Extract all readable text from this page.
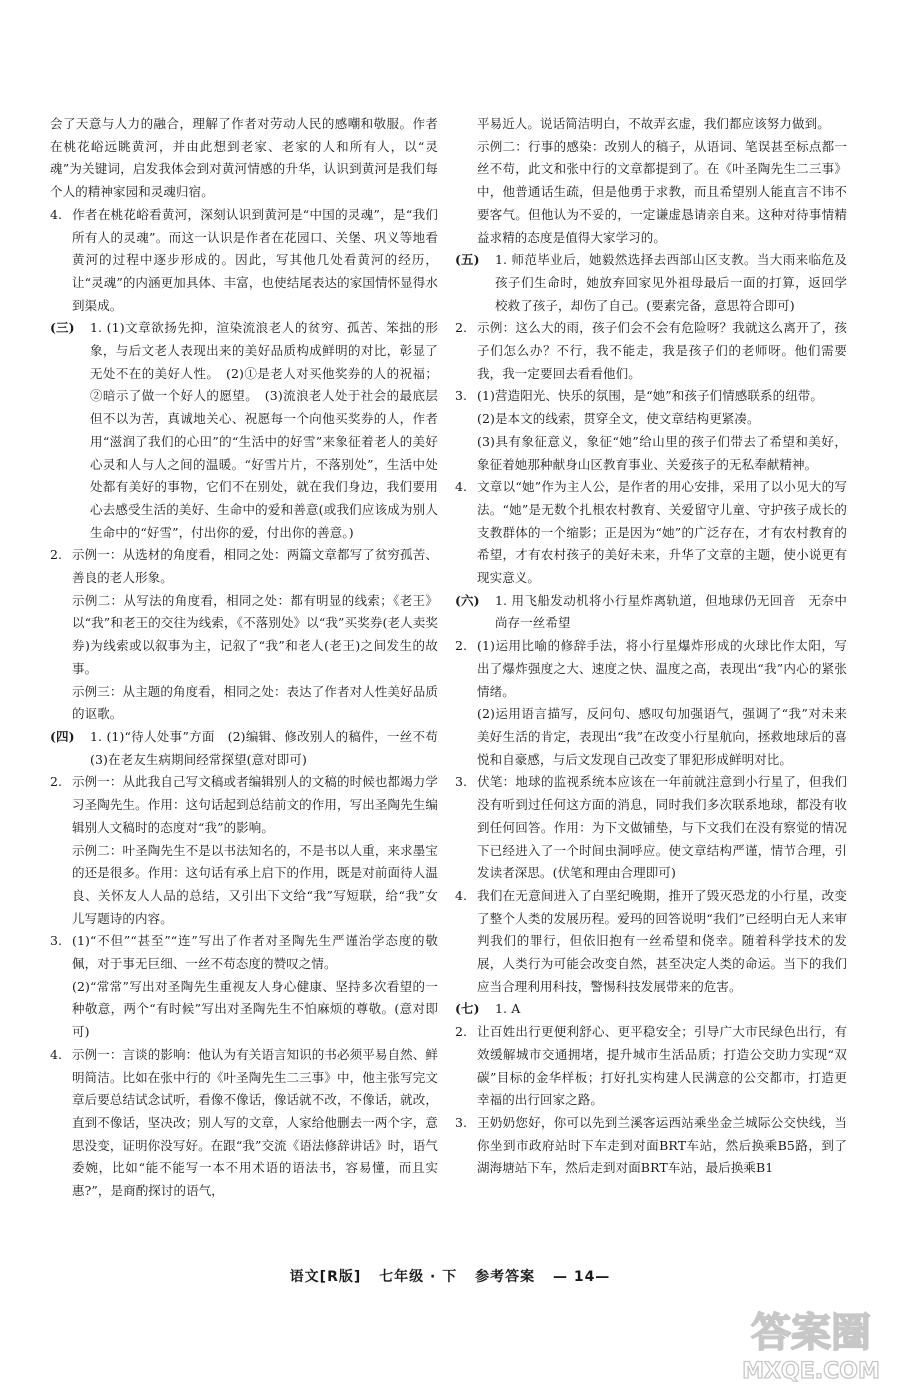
会了天意与人力的融合，理解了作者对劳动人民的感嘲和敬服。作者在桃花峪远眺黄河，并由此想到老家、老家的人和所有人，以“灵魂”为关键词，启发我体会到对黄河情感的升华，认识到黄河是我们每个人的精神家园和灵魂归宿。

4. 作者在桃花峪看黄河，深刻认识到黄河是“中国的灵魂”，是“我们所有人的灵魂”。而这一认识是作者在花园口、关堡、巩义等地看黄河的过程中逐步形成的。因此，写其他几处看黄河的经历，让“灵魂”的内涵更加具体、丰富，也使结尾表达的家国情怀显得水到渠成。

(三) 1. (1)文章欲扬先抑，渲染流浪老人的贫穷、孤苦、笨拙的形象，与后文老人表现出来的美好品质构成鲜明的对比，彰显了无处不在的美好人性。　(2)①是老人对买他奖券的人的祝福；②暗示了做一个好人的愿望。　(3)流浪老人处于社会的最底层但不以为苦，真诚地关心、祝愿每一个向他买奖券的人，作者用“滋润了我们的心田”的“生活中的好雪”来象征着老人的美好心灵和人与人之间的温暖。“好雪片片，不落别处”，生活中处处都有美好的事物，它们不在别处，就在我们身边，我们要用心去感受生活的美好、生命中的爱和善意(或我们应该成为别人生命中的“好雪”，付出你的爱，付出你的善意。)

2. 示例一：从选材的角度看，相同之处：两篇文章都写了贫穷孤苦、善良的老人形象。

示例二：从写法的角度看，相同之处：都有明显的线索；《老王》以“我”和老王的交往为线索，《不落别处》以“我”买奖券(老人卖奖券)为线索或以叙事为主，记叙了“我”和老人(老王)之间发生的故事。

示例三：从主题的角度看，相同之处：表达了作者对人性美好品质的讴歌。

(四) 1. (1)“待人处事”方面　(2)编辑、修改别人的稿件，一丝不苟　(3)在老友生病期间经常探望(意对即可)

2. 示例一：从此我自己写文稿或者编辑别人的文稿的时候也都竭力学习圣陶先生。作用：这句话起到总结前文的作用，写出圣陶先生编辑别人文稿时的态度对“我”的影响。

示例二：叶圣陶先生不是以书法知名的，不是书以人重，来求墨宝的还是很多。作用：这句话有承上启下的作用，既是对前面待人温良、关怀友人人品的总结，又引出下文给“我”写短联，给“我”女儿写题诗的内容。

3. (1)“不但”“甚至”“连”写出了作者对圣陶先生严谨治学态度的敬佩，对于事无巨细、一丝不苟态度的赞叹之情。

(2)“常常”写出对圣陶先生重视友人身心健康、坚持多次看望的一种敬意，两个“有时候”写出对圣陶先生不怕麻烦的尊敬。(意对即可)

4. 示例一：言谈的影响：他认为有关语言知识的书必须平易自然、鲜明简洁。比如在张中行的《叶圣陶先生二三事》中，他主张写完文章后要总结试念试听，看像不像话，像话就不改，不像话，就改，直到不像话，坚决改；别人写的文章，人家给他删去一两个字，意思没变，证明你没写好。在跟“我”交流《语法修辞讲话》时，语气委婉，比如“能不能写一本不用术语的语法书，容易懂，而且实惠?”，是商酌探讨的语气，

平易近人。说话简洁明白，不故弄玄虚，我们都应该努力做到。

示例二：行事的感染：改别人的稿子，从语词、笔误甚至标点都一丝不苟，此文和张中行的文章都提到了。在《叶圣陶先生二三事》中，他普通话生疏，但是他勇于求教，而且希望别人能直言不讳不要客气。但他认为不妥的，一定谦虚恳请亲自来。这种对待事情精益求精的态度是值得大家学习的。

(五) 1. 师范毕业后，她毅然选择去西部山区支教。当大雨来临危及孩子们生命时，她放弃回家见外祖母最后一面的打算，返回学校救了孩子，却伤了自己。(要素完备，意思符合即可)

2. 示例：这么大的雨，孩子们会不会有危险呀？我就这么离开了，孩子们怎么办？不行，我不能走，我是孩子们的老师呀。他们需要我，我一定要回去看看他们。

3. (1)营造阳光、快乐的氛围，是“她”和孩子们情感联系的纽带。

(2)是本文的线索，贯穿全文，使文章结构更紧凑。

(3)具有象征意义，象征“她”给山里的孩子们带去了希望和美好，象征着她那种献身山区教育事业、关爱孩子的无私奉献精神。

4. 文章以“她”作为主人公，是作者的用心安排，采用了以小见大的写法。“她”是无数个扎根农村教育、关爱留守儿童、守护孩子成长的支教群体的一个缩影；正是因为“她”的广泛存在，才有农村教育的希望，才有农村孩子的美好未来，升华了文章的主题，使小说更有现实意义。

(六) 1. 用飞船发动机将小行星炸离轨道，但地球仍无回音　无奈中尚存一丝希望

2. (1)运用比喻的修辞手法，将小行星爆炸形成的火球比作太阳，写出了爆炸强度之大、速度之快、温度之高，表现出“我”内心的紧张情绪。

(2)运用语言描写，反问句、感叹句加强语气，强调了“我”对未来美好生活的肯定，表现出“我”在改变小行星航向，拯救地球后的喜悦和自豪感，与后文发现自己改变了罪犯形成鲜明对比。

3. 伏笔：地球的监视系统本应该在一年前就注意到小行星了，但我们没有听到过任何这方面的消息，同时我们多次联系地球，都没有收到任何回答。作用：为下文做铺垫，与下文我们在没有察觉的情况下已经进入了一个时间虫洞呼应。使文章结构严谨，情节合理，引发读者深思。(伏笔和理由合理即可)

4. 我们在无意间进入了白垩纪晚期，推开了毁灭恐龙的小行星，改变了整个人类的发展历程。爱玛的回答说明“我们”已经明白无人来审判我们的罪行，但依旧抱有一丝希望和侥幸。随着科学技术的发展，人类行为可能会改变自然，甚至决定人类的命运。当下的我们应当合理利用科技，警惕科技发展带来的危害。

(七) 1. A

2. 让百姓出行更便利舒心、更平稳安全；引导广大市民绿色出行，有效缓解城市交通拥堵，提升城市生活品质；打造公交助力实现“双碳”目标的金华样板；打好扎实构建人民满意的公交都市，打造更幸福的出行回家之路。

3. 王奶奶您好，你可以先到兰溪客运西站乘坐金兰城际公交快线，当你坐到市政府站时下车走到对面BRT车站，然后换乘B5路，到了湖海塘站下车，然后走到对面BRT车站，最后换乘B1

语文[R版] 七年级 · 下 参考答案 — 14—
答案圈
MXQE.COM
